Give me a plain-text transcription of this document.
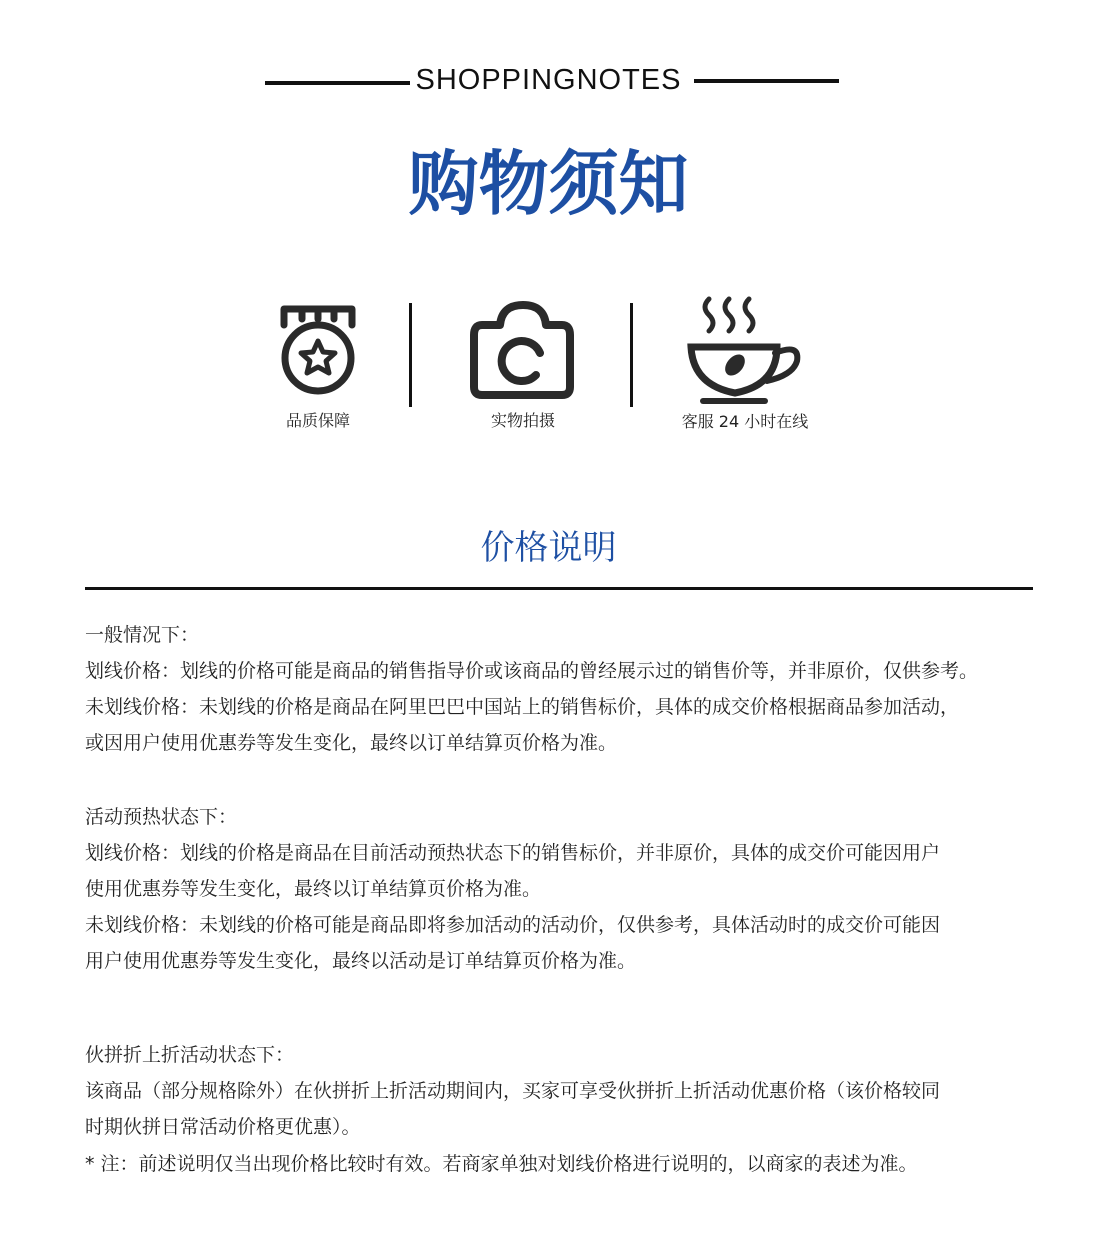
SHOPPINGNOTES
购物须知
品质保障	实物拍摄	客服 24 小时在线
价格说明
一般情况下：
划线价格：划线的价格可能是商品的销售指导价或该商品的曾经展示过的销售价等，并非原价，仅供参考。
未划线价格：未划线的价格是商品在阿里巴巴中国站上的销售标价，具体的成交价格根据商品参加活动，
或因用户使用优惠券等发生变化，最终以订单结算页价格为准。
活动预热状态下：
划线价格：划线的价格是商品在目前活动预热状态下的销售标价，并非原价，具体的成交价可能因用户
使用优惠券等发生变化，最终以订单结算页价格为准。
未划线价格：未划线的价格可能是商品即将参加活动的活动价，仅供参考，具体活动时的成交价可能因
用户使用优惠券等发生变化，最终以活动是订单结算页价格为准。
伙拼折上折活动状态下：
该商品（部分规格除外）在伙拼折上折活动期间内，买家可享受伙拼折上折活动优惠价格（该价格较同
时期伙拼日常活动价格更优惠）。
* 注：前述说明仅当出现价格比较时有效。若商家单独对划线价格进行说明的，以商家的表述为准。
